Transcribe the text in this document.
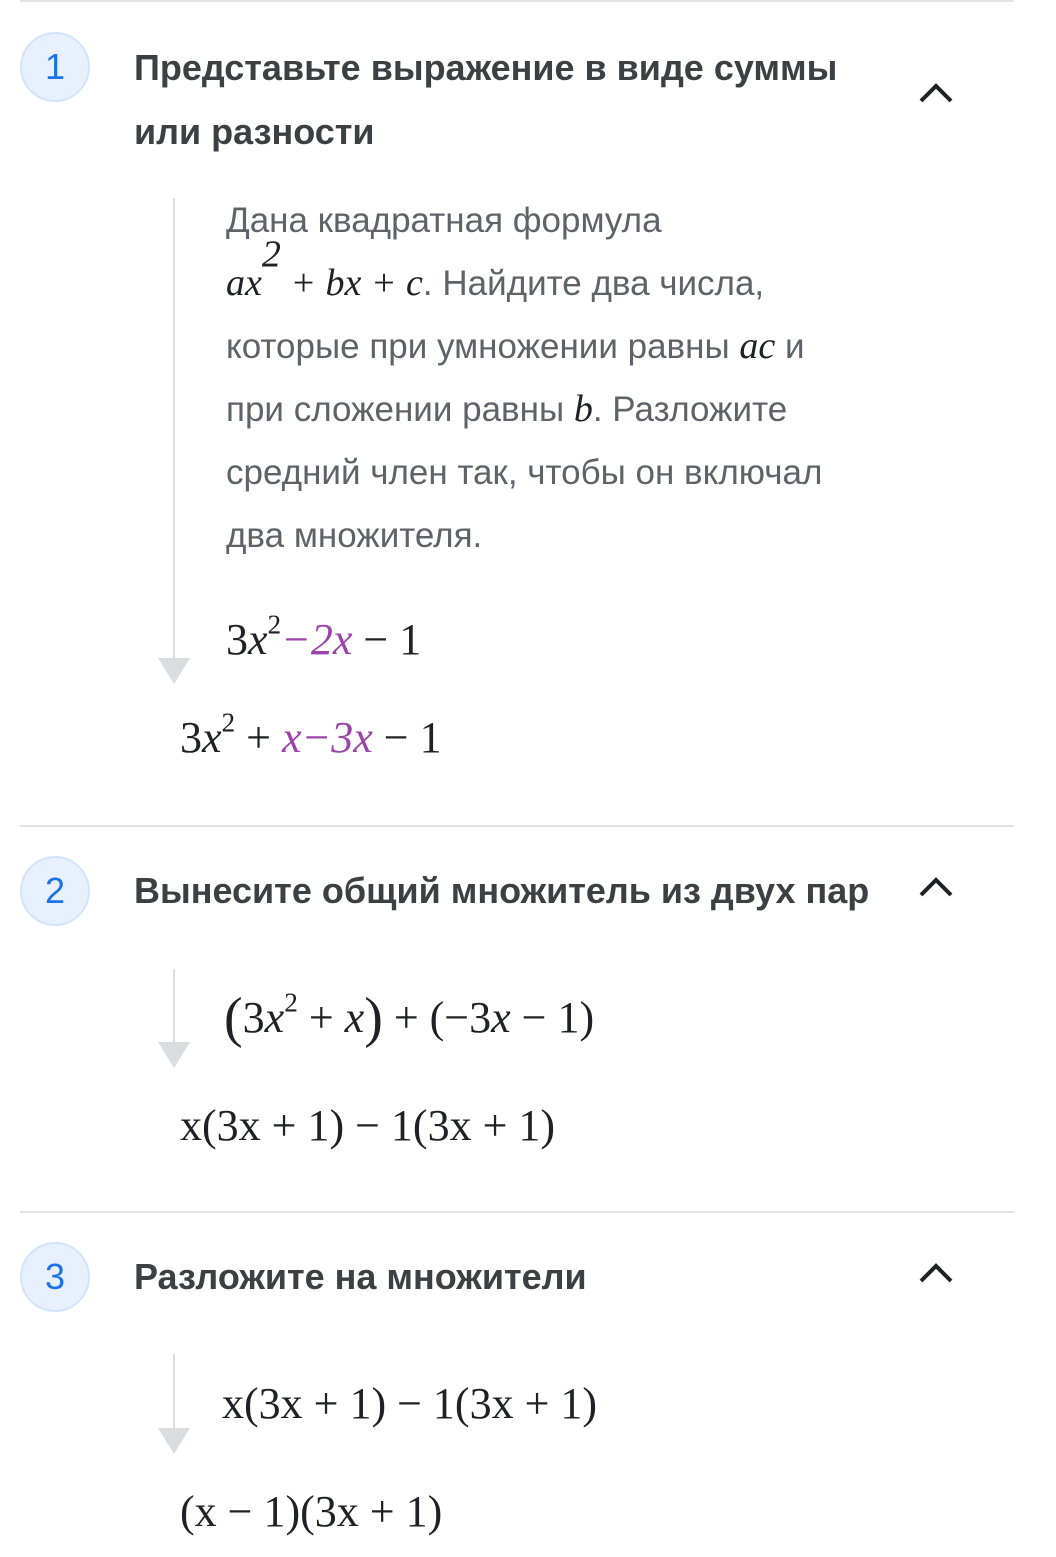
1 Представьте выражение в виде суммы
или разности
Дана квадратная формула
$ax^2$ + bx + c. Найдите два числа,
которые при умножении равны ac и
при сложении равны b. Разложите
средний член так, чтобы он включал
два множителя.
$3x^2-2x - 1$
$3x^2 + x-3x - 1$
2 Вынесите общий множитель из двух пар
$(3x^2 + x) + (-3x - 1)$
x(3x + 1) − 1(3x + 1)
3 Разложите на множители
x(3x + 1) − 1(3x + 1)
(x − 1)(3x + 1)
